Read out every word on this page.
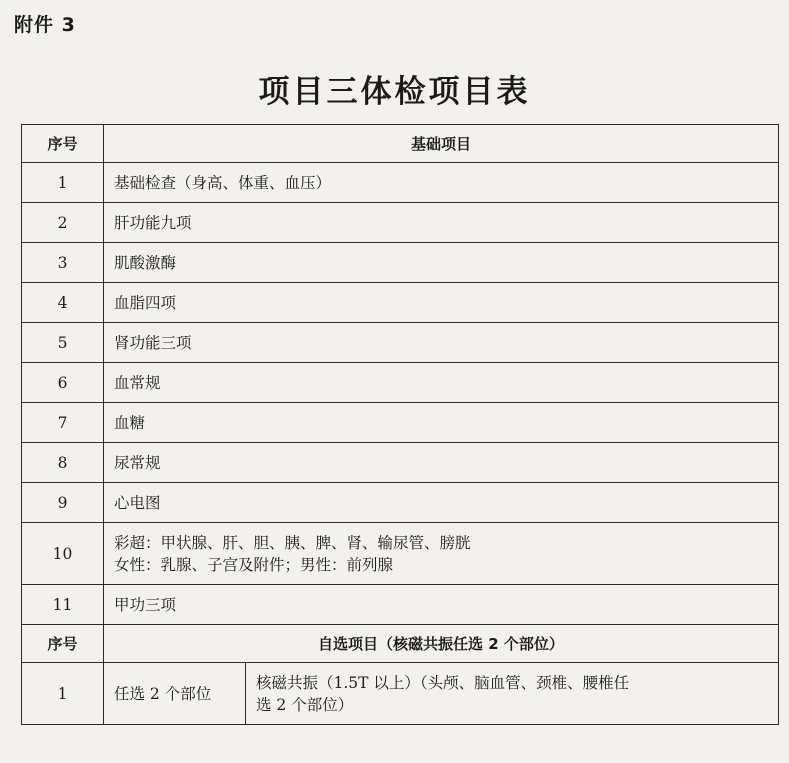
附件 3
项目三体检项目表
序号	基础项目	
1	基础检查（身高、体重、血压）	
2	肝功能九项	
3	肌酸激酶	
4	血脂四项	
5	肾功能三项	
6	血常规	
7	血糖	
8	尿常规	
9	心电图	
10	彩超：甲状腺、肝、胆、胰、脾、肾、输尿管、膀胱
女性：乳腺、子宫及附件；男性：前列腺	

11	甲功三项	
序号	自选项目（核磁共振任选 2 个部位）	
1	任选 2 个部位	核磁共振（1.5T 以上）（头颅、脑血管、颈椎、腰椎任
选 2 个部位）
